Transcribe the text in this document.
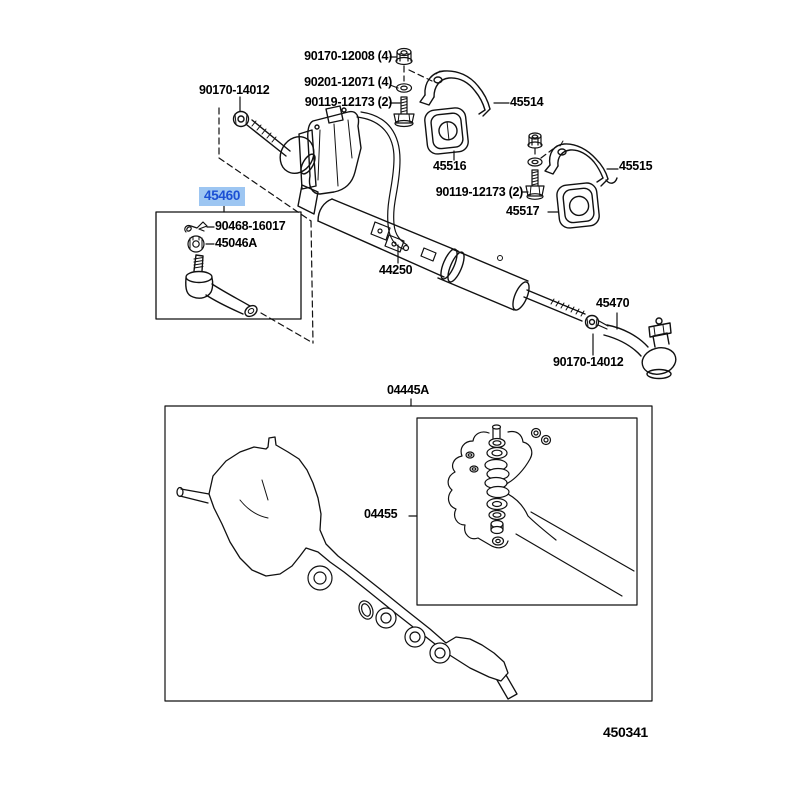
90170-12008 (4)
90201-12071 (4)
90119-12173 (2)
90170-14012
45514
45516	45515
90119-12173 (2)
45517
45460
90468-16017
45046A
44250
45470
90170-14012
04445A
04455
450341
